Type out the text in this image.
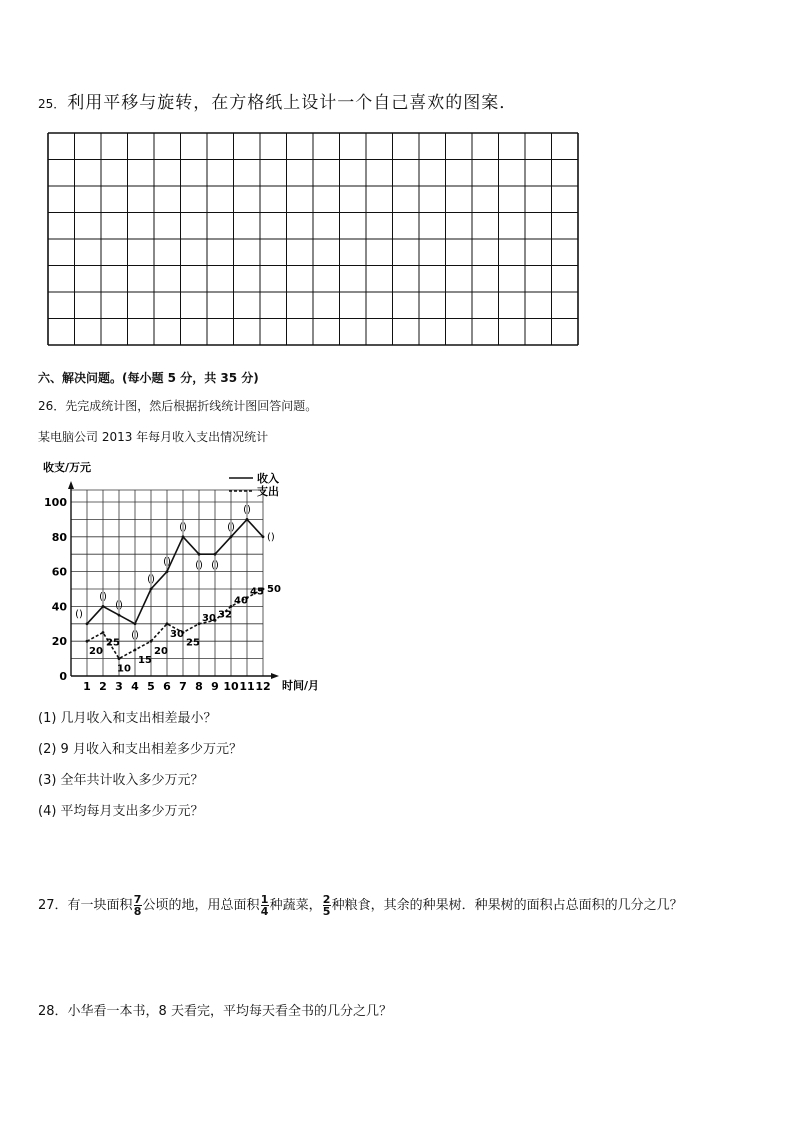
25． 利用平移与旋转，在方格纸上设计一个自己喜欢的图案．
六、解决问题。(每小题 5 分，共 35 分)
26．先完成统计图，然后根据折线统计图回答问题。
某电脑公司 2013 年每月收入支出情况统计
收支/万元
时间/月
0
20
40
60
80
100
1 2 3 4 5 6 7 8 9 10 11 12
收入
支出
()
()
()
()
()
()
()
() ()
()
()
()
20
25
10
15
20
30
25
30 32
40
45 50
(1) 几月收入和支出相差最小？
(2) 9 月收入和支出相差多少万元？
(3) 全年共计收入多少万元？
(4) 平均每月支出多少万元？
27．有一块面积 $\frac{7}{8}$ 公顷的地，用总面积 $\frac{1}{4}$ 种蔬菜， $\frac{2}{5}$ 种粮食，其余的种果树．种果树的面积占总面积的几分之几？
28．小华看一本书，8 天看完，平均每天看全书的几分之几？
